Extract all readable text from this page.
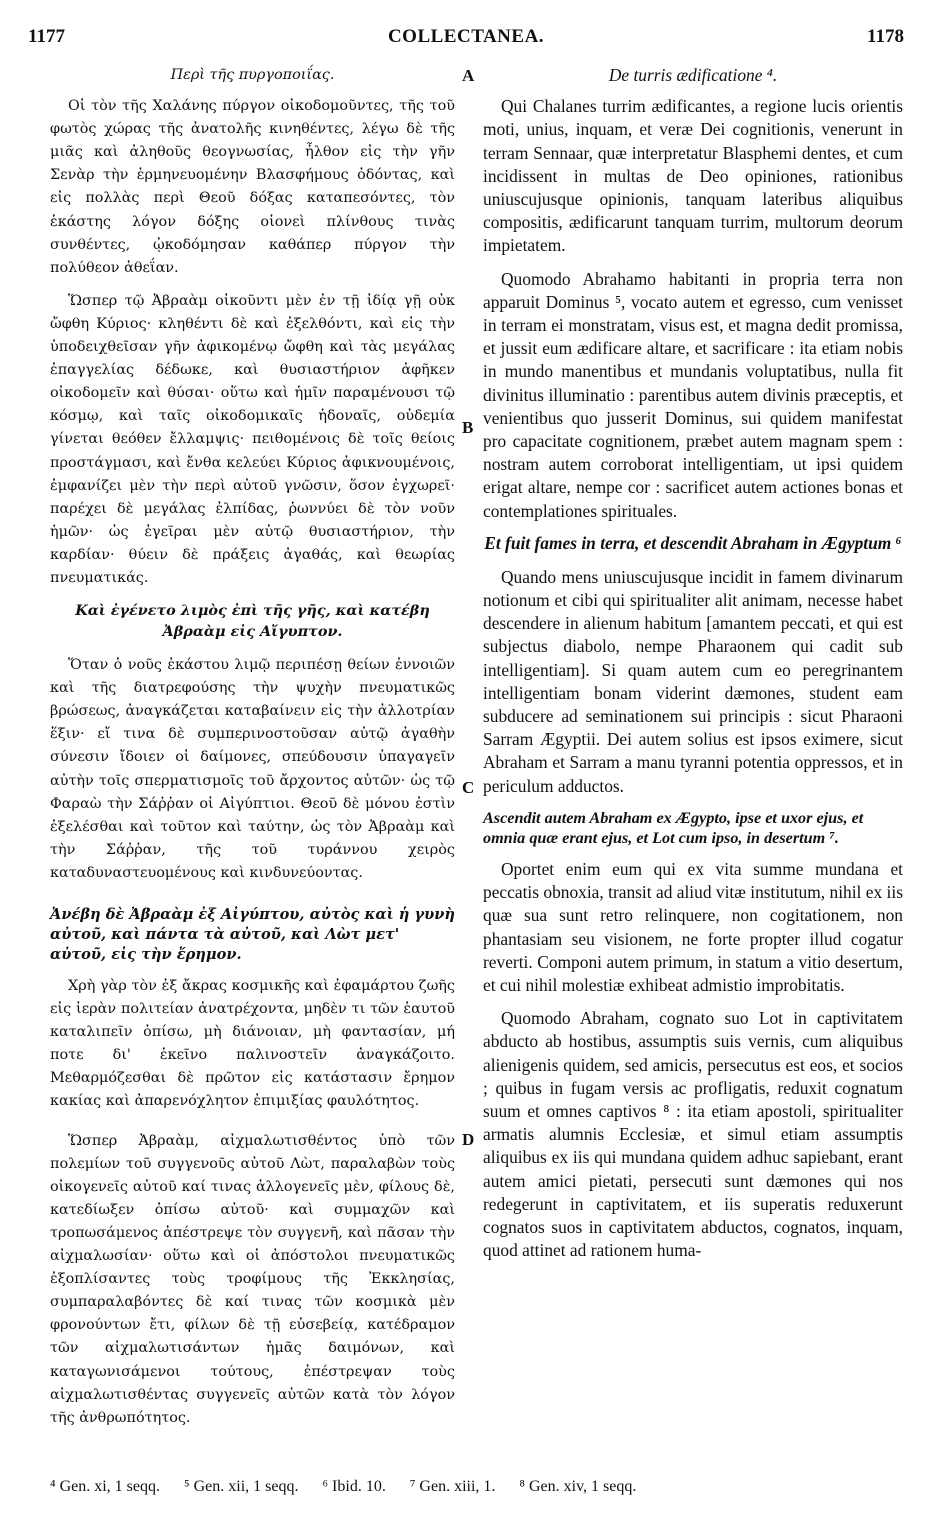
1177	COLLECTANEA.	1178
A
B
C
D

Περὶ τῆς πυργοποιΐας.

Οἱ τὸν τῆς Χαλάνης πύργον οἰκοδομοῦντες, τῆς τοῦ φωτὸς χώρας τῆς ἀνατολῆς κινηθέντες, λέγω δὲ τῆς μιᾶς καὶ ἀληθοῦς θεογνωσίας, ἦλθον εἰς τὴν γῆν Σενὰρ τὴν ἑρμηνευομένην Βλασφήμους ὀδόντας, καὶ εἰς πολλὰς περὶ Θεοῦ δόξας καταπεσόντες, τὸν ἑκάστης λόγον δόξης οἱονεὶ πλίνθους τινὰς συνθέντες, ᾠκοδόμησαν καθάπερ πύργον τὴν πολύθεον ἀθεΐαν.

Ὥσπερ τῷ Ἀβραὰμ οἰκοῦντι μὲν ἐν τῇ ἰδίᾳ γῇ οὐκ ὤφθη Κύριος· κληθέντι δὲ καὶ ἐξελθόντι, καὶ εἰς τὴν ὑποδειχθεῖσαν γῆν ἀφικομένῳ ὤφθη καὶ τὰς μεγάλας ἐπαγγελίας δέδωκε, καὶ θυσιαστήριον ἀφῆκεν οἰκοδομεῖν καὶ θύσαι· οὕτω καὶ ἡμῖν παραμένουσι τῷ κόσμῳ, καὶ ταῖς οἰκοδομικαῖς ἡδοναῖς, οὐδεμία γίνεται θεόθεν ἔλλαμψις· πειθομένοις δὲ τοῖς θείοις προστάγμασι, καὶ ἔνθα κελεύει Κύριος ἀφικνουμένοις, ἐμφανίζει μὲν τὴν περὶ αὐτοῦ γνῶσιν, ὅσον ἐγχωρεῖ· παρέχει δὲ μεγάλας ἐλπίδας, ῥωννύει δὲ τὸν νοῦν ἡμῶν· ὡς ἐγεῖραι μὲν αὐτῷ θυσιαστήριον, τὴν καρδίαν· θύειν δὲ πράξεις ἀγαθάς, καὶ θεωρίας πνευματικάς.

Καὶ ἐγένετο λιμὸς ἐπὶ τῆς γῆς, καὶ κατέβη Ἀβραὰμ εἰς Αἴγυπτον.

Ὅταν ὁ νοῦς ἑκάστου λιμῷ περιπέσῃ θείων ἐννοιῶν καὶ τῆς διατρεφούσης τὴν ψυχὴν πνευματικῶς βρώσεως, ἀναγκάζεται καταβαίνειν εἰς τὴν ἀλλοτρίαν ἕξιν· εἴ τινα δὲ συμπερινοστοῦσαν αὐτῷ ἀγαθὴν σύνεσιν ἴδοιεν οἱ δαίμονες, σπεύδουσιν ὑπαγαγεῖν αὐτὴν τοῖς σπερματισμοῖς τοῦ ἄρχοντος αὐτῶν· ὡς τῷ Φαραὼ τὴν Σάῤῥαν οἱ Αἰγύπτιοι. Θεοῦ δὲ μόνου ἐστὶν ἐξελέσθαι καὶ τοῦτον καὶ ταύτην, ὡς τὸν Ἀβραὰμ καὶ τὴν Σάῤῥαν, τῆς τοῦ τυράννου χειρὸς καταδυναστευομένους καὶ κινδυνεύοντας.

Ἀνέβη δὲ Ἀβραὰμ ἐξ Αἰγύπτου, αὐτὸς καὶ ἡ γυνὴ αὐτοῦ, καὶ πάντα τὰ αὐτοῦ, καὶ Λὼτ μετ' αὐτοῦ, εἰς τὴν ἔρημον.

Χρὴ γὰρ τὸν ἐξ ἄκρας κοσμικῆς καὶ ἐφαμάρτου ζωῆς εἰς ἱερὰν πολιτείαν ἀνατρέχοντα, μηδὲν τι τῶν ἑαυτοῦ καταλιπεῖν ὀπίσω, μὴ διάνοιαν, μὴ φαντασίαν, μή ποτε δι' ἐκεῖνο παλινοστεῖν ἀναγκάζοιτο. Μεθαρμόζεσθαι δὲ πρῶτον εἰς κατάστασιν ἔρημον κακίας καὶ ἀπαρενόχλητον ἐπιμιξίας φαυλότητος.

Ὥσπερ Ἀβραὰμ, αἰχμαλωτισθέντος ὑπὸ τῶν πολεμίων τοῦ συγγενοῦς αὐτοῦ Λὼτ, παραλαβὼν τοὺς οἰκογενεῖς αὐτοῦ καί τινας ἀλλογενεῖς μὲν, φίλους δὲ, κατεδίωξεν ὀπίσω αὐτοῦ· καὶ συμμαχῶν καὶ τροπωσάμενος ἀπέστρεψε τὸν συγγενῆ, καὶ πᾶσαν τὴν αἰχμαλωσίαν· οὕτω καὶ οἱ ἀπόστολοι πνευματικῶς ἐξοπλίσαντες τοὺς τροφίμους τῆς Ἐκκλησίας, συμπαραλαβόντες δὲ καί τινας τῶν κοσμικὰ μὲν φρονούντων ἔτι, φίλων δὲ τῇ εὐσεβείᾳ, κατέδραμον τῶν αἰχμαλωτισάντων ἡμᾶς δαιμόνων, καὶ καταγωνισάμενοι τούτους, ἐπέστρεψαν τοὺς αἰχμαλωτισθέντας συγγενεῖς αὐτῶν κατὰ τὸν λόγον τῆς ἀνθρωπότητος.

De turris ædificatione ⁴.

Qui Chalanes turrim ædificantes, a regione lucis orientis moti, unius, inquam, et veræ Dei cognitionis, venerunt in terram Sennaar, quæ interpretatur Blasphemi dentes, et cum incidissent in multas de Deo opiniones, rationibus uniuscujusque opinionis, tanquam lateribus aliquibus compositis, ædificarunt tanquam turrim, multorum deorum impietatem.

Quomodo Abrahamo habitanti in propria terra non apparuit Dominus ⁵, vocato autem et egresso, cum venisset in terram ei monstratam, visus est, et magna dedit promissa, et jussit eum ædificare altare, et sacrificare : ita etiam nobis in mundo manentibus et mundanis voluptatibus, nulla fit divinitus illuminatio : parentibus autem divinis præceptis, et venientibus quo jusserit Dominus, sui quidem manifestat pro capacitate cognitionem, præbet autem magnam spem : nostram autem corroborat intelligentiam, ut ipsi quidem erigat altare, nempe cor : sacrificet autem actiones bonas et contemplationes spirituales.

Et fuit fames in terra, et descendit Abraham in Ægyptum ⁶

Quando mens uniuscujusque incidit in famem divinarum notionum et cibi qui spiritualiter alit animam, necesse habet descendere in alienum habitum [amantem peccati, et qui est subjectus diabolo, nempe Pharaonem qui cadit sub intelligentiam]. Si quam autem cum eo peregrinantem intelligentiam bonam viderint dæmones, student eam subducere ad seminationem sui principis : sicut Pharaoni Sarram Ægyptii. Dei autem solius est ipsos eximere, sicut Abraham et Sarram a manu tyranni potentia oppressos, et in periculum adductos.

Ascendit autem Abraham ex Ægypto, ipse et uxor ejus, et omnia quæ erant ejus, et Lot cum ipso, in desertum ⁷.

Oportet enim eum qui ex vita summe mundana et peccatis obnoxia, transit ad aliud vitæ institutum, nihil ex iis quæ sua sunt retro relinquere, non cogitationem, non phantasiam seu visionem, ne forte propter illud cogatur reverti. Componi autem primum, in statum a vitio desertum, et cui nihil molestiæ exhibeat admistio improbitatis.

Quomodo Abraham, cognato suo Lot in captivitatem abducto ab hostibus, assumptis suis vernis, cum aliquibus alienigenis quidem, sed amicis, persecutus est eos, et socios ; quibus in fugam versis ac profligatis, reduxit cognatum suum et omnes captivos ⁸ : ita etiam apostoli, spiritualiter armatis alumnis Ecclesiæ, et simul etiam assumptis aliquibus ex iis qui mundana quidem adhuc sapiebant, erant autem amici pietati, persecuti sunt dæmones qui nos redegerunt in captivitatem, et iis superatis reduxerunt cognatos suos in captivitatem abductos, cognatos, inquam, quod attinet ad rationem huma-

⁴ Gen. xi, 1 seqq. ⁵ Gen. xii, 1 seqq. ⁶ Ibid. 10. ⁷ Gen. xiii, 1. ⁸ Gen. xiv, 1 seqq.
